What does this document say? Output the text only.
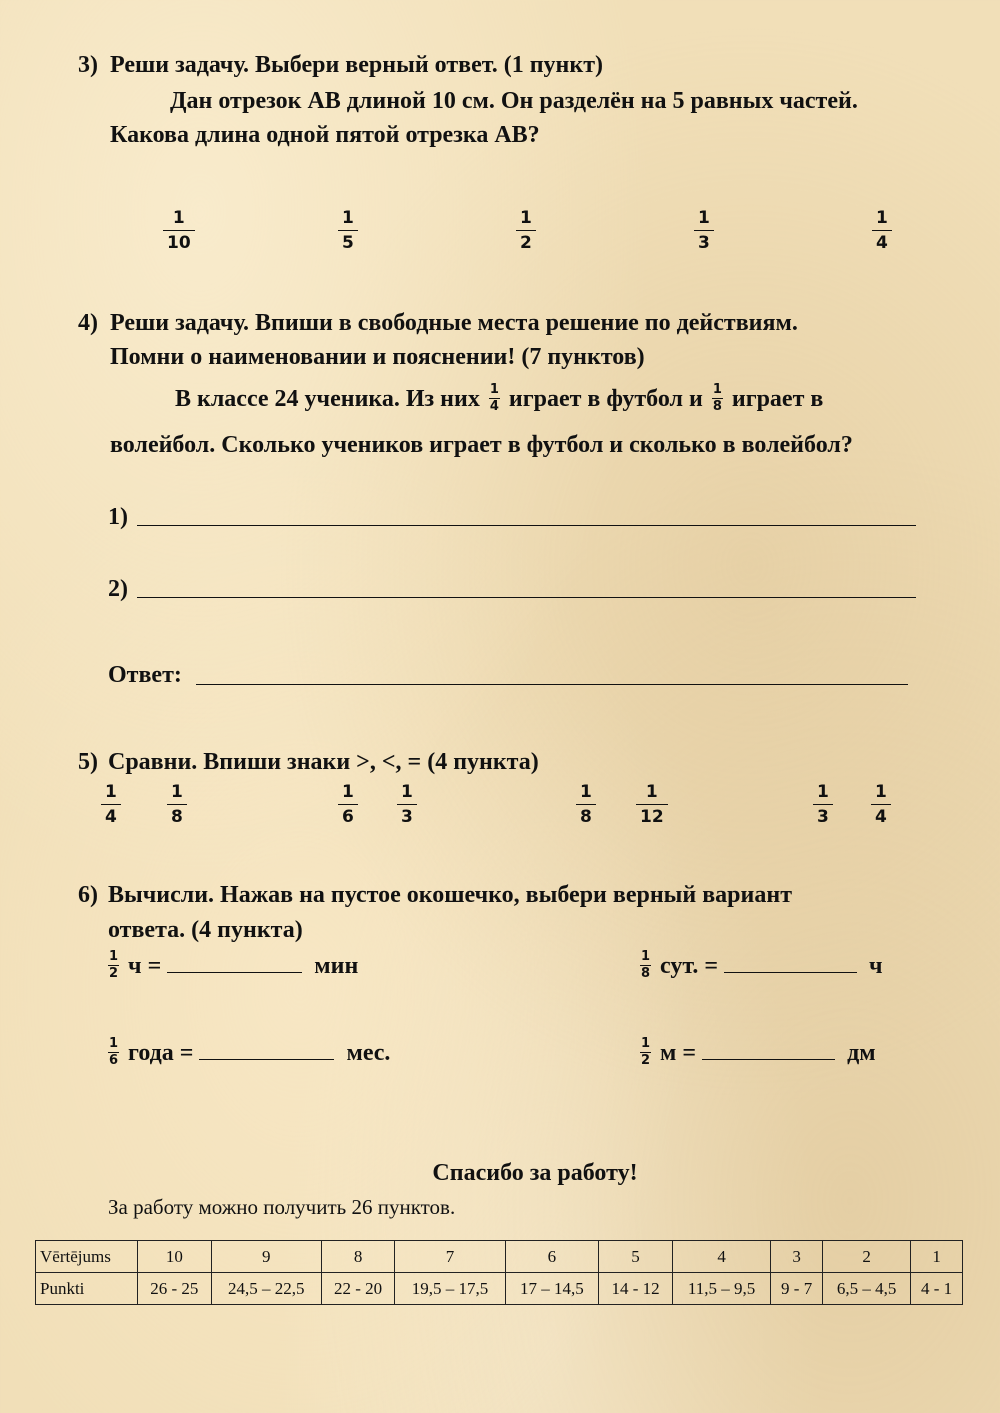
3) Реши задачу. Выбери верный ответ. (1 пункт)
Дан отрезок АВ длиной 10 см. Он разделён на 5 равных частей.
Какова длина одной пятой отрезка АВ?
1
10
1
5
1
2
1
3
1
4
4) Реши задачу. Впиши в свободные места решение по действиям.
Помни о наименовании и пояснении! (7 пунктов)
В классе 24 ученика. Из них $\frac{1}{4}$ играет в футбол и $\frac{1}{8}$ играет в
волейбол. Сколько учеников играет в футбол и сколько в волейбол?
1)
2)
Ответ:
5) Сравни. Впиши знаки >, <, = (4 пункта)
1
4
1
8
1
6
1
3
1
8
1
12
1
3
1
4
6) Вычисли. Нажав на пустое окошечко, выбери верный вариант
ответа. (4 пункта)
$\frac{1}{2}$ ч =	мин	$\frac{1}{8}$ сут. =	ч
$\frac{1}{6}$ года =	мес.	$\frac{1}{2}$ м =	дм
Спасибо за работу!
За работу можно получить 26 пунктов.
Vērtējums	10	9	8	7	6	5	4	3	2	1
Punkti	26 - 25	24,5 – 22,5	22 - 20	19,5 – 17,5	17 – 14,5	14 - 12	11,5 – 9,5	9 - 7	6,5 – 4,5	4 - 1
